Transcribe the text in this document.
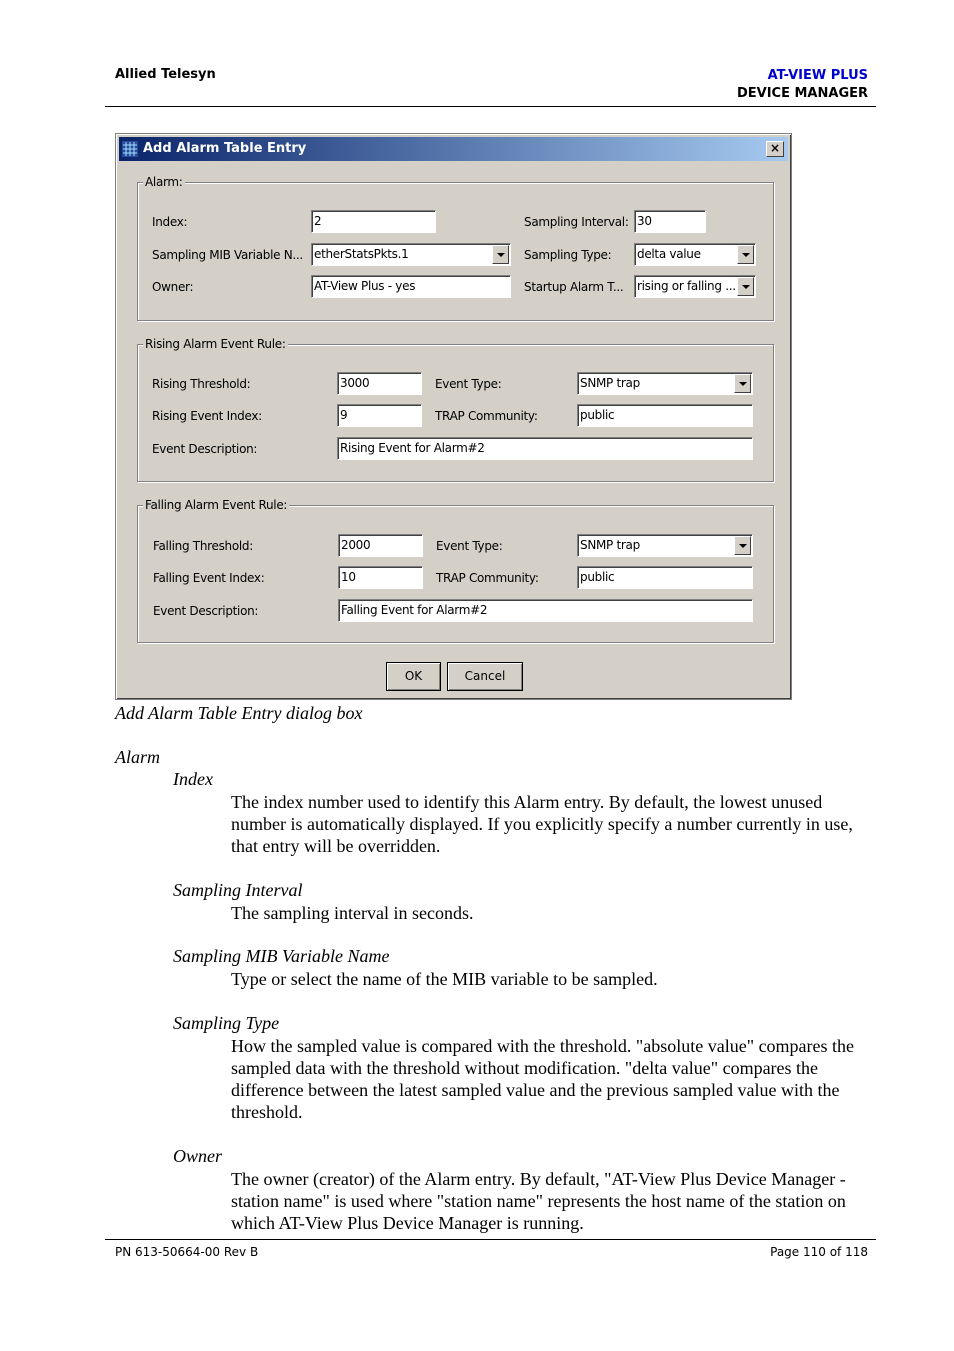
Allied Telesyn	AT-VIEW PLUS
DEVICE MANAGER
Add Alarm Table Entry	×
Alarm:
Index:	2	Sampling Interval: 30
Sampling MIB Variable N... etherStatsPkts.1	Sampling Type: delta value
Owner:	AT-View Plus - yes	Startup Alarm T... rising or falling ...
Rising Alarm Event Rule:
Rising Threshold:	3000	Event Type:	SNMP trap
Rising Event Index:	9	TRAP Community:	public
Event Description:	Rising Event for Alarm#2
Falling Alarm Event Rule:
Falling Threshold:	2000	Event Type:	SNMP trap
Falling Event Index:	10	TRAP Community:	public
Event Description:	Falling Event for Alarm#2
OK	Cancel
Add Alarm Table Entry dialog box
Alarm
Index
The index number used to identify this Alarm entry. By default, the lowest unused number is automatically displayed. If you explicitly specify a number currently in use, that entry will be overridden.
Sampling Interval
The sampling interval in seconds.
Sampling MIB Variable Name
Type or select the name of the MIB variable to be sampled.
Sampling Type
How the sampled value is compared with the threshold. "absolute value" compares the sampled data with the threshold without modification. "delta value" compares the difference between the latest sampled value and the previous sampled value with the threshold.
Owner
The owner (creator) of the Alarm entry. By default, "AT-View Plus Device Manager - station name" is used where "station name" represents the host name of the station on which AT-View Plus Device Manager is running.
PN 613-50664-00 Rev B	Page 110 of 118
